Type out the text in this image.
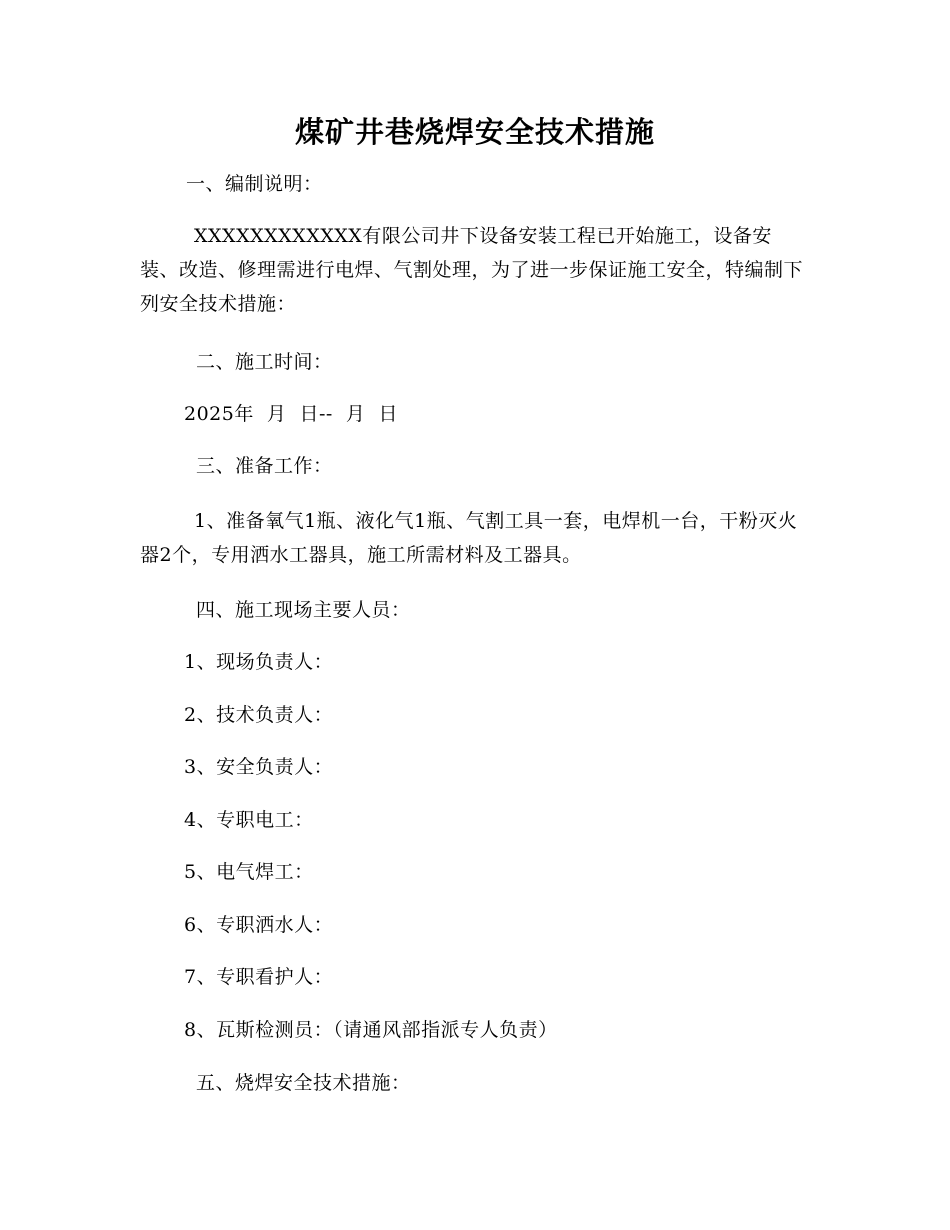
煤矿井巷烧焊安全技术措施
一、编制说明：
XXXXXXXXXXXX有限公司井下设备安装工程已开始施工，设备安装、改造、修理需进行电焊、气割处理，为了进一步保证施工安全，特编制下列安全技术措施：
二、施工时间：
2025年  月  日--  月  日
三、准备工作：
1、准备氧气1瓶、液化气1瓶、气割工具一套，电焊机一台，干粉灭火器2个，专用洒水工器具，施工所需材料及工器具。
四、施工现场主要人员：
1、现场负责人：
2、技术负责人：
3、安全负责人：
4、专职电工：
5、电气焊工：
6、专职洒水人：
7、专职看护人：
8、瓦斯检测员：（请通风部指派专人负责）
五、烧焊安全技术措施：
